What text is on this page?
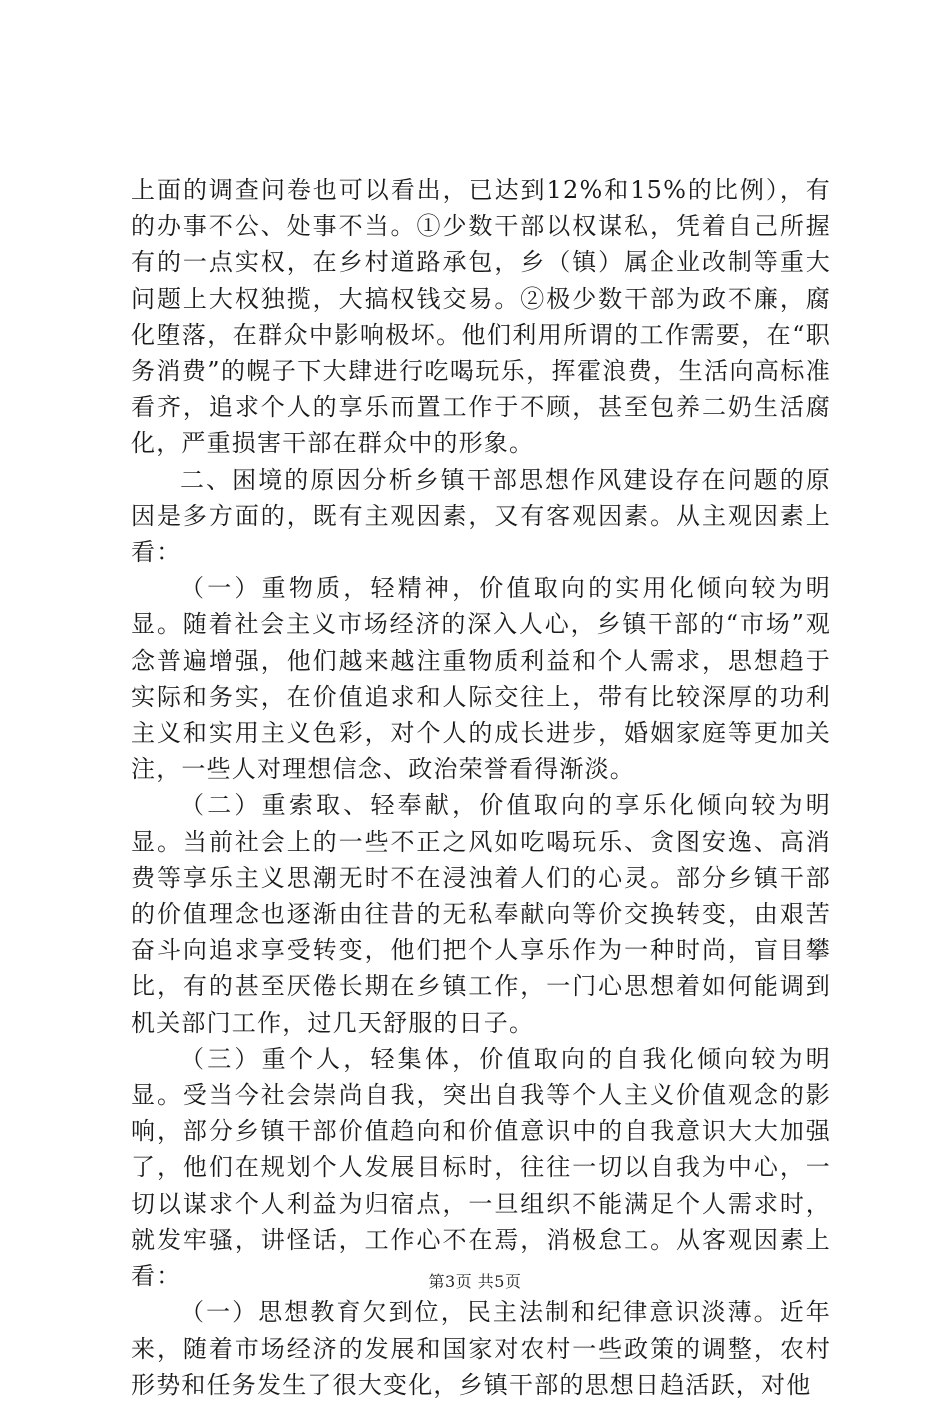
上面的调查问卷也可以看出，已达到12%和15%的比例），有的办事不公、处事不当。①少数干部以权谋私，凭着自己所握有的一点实权，在乡村道路承包，乡（镇）属企业改制等重大问题上大权独揽，大搞权钱交易。②极少数干部为政不廉，腐化堕落，在群众中影响极坏。他们利用所谓的工作需要，在“职务消费”的幌子下大肆进行吃喝玩乐，挥霍浪费，生活向高标准看齐，追求个人的享乐而置工作于不顾，甚至包养二奶生活腐化，严重损害干部在群众中的形象。

二、困境的原因分析乡镇干部思想作风建设存在问题的原因是多方面的，既有主观因素，又有客观因素。从主观因素上看：

（一）重物质，轻精神，价值取向的实用化倾向较为明显。随着社会主义市场经济的深入人心，乡镇干部的“市场”观念普遍增强，他们越来越注重物质利益和个人需求，思想趋于实际和务实，在价值追求和人际交往上，带有比较深厚的功利主义和实用主义色彩，对个人的成长进步，婚姻家庭等更加关注，一些人对理想信念、政治荣誉看得渐淡。

（二）重索取、轻奉献，价值取向的享乐化倾向较为明显。当前社会上的一些不正之风如吃喝玩乐、贪图安逸、高消费等享乐主义思潮无时不在浸浊着人们的心灵。部分乡镇干部的价值理念也逐渐由往昔的无私奉献向等价交换转变，由艰苦奋斗向追求享受转变，他们把个人享乐作为一种时尚，盲目攀比，有的甚至厌倦长期在乡镇工作，一门心思想着如何能调到机关部门工作，过几天舒服的日子。

（三）重个人，轻集体，价值取向的自我化倾向较为明显。受当今社会崇尚自我，突出自我等个人主义价值观念的影响，部分乡镇干部价值趋向和价值意识中的自我意识大大加强了，他们在规划个人发展目标时，往往一切以自我为中心，一切以谋求个人利益为归宿点，一旦组织不能满足个人需求时，就发牢骚，讲怪话，工作心不在焉，消极怠工。从客观因素上看：

（一）思想教育欠到位，民主法制和纪律意识淡薄。近年来，随着市场经济的发展和国家对农村一些政策的调整，农村形势和任务发生了很大变化，乡镇干部的思想日趋活跃，对他

第3页 共5页
